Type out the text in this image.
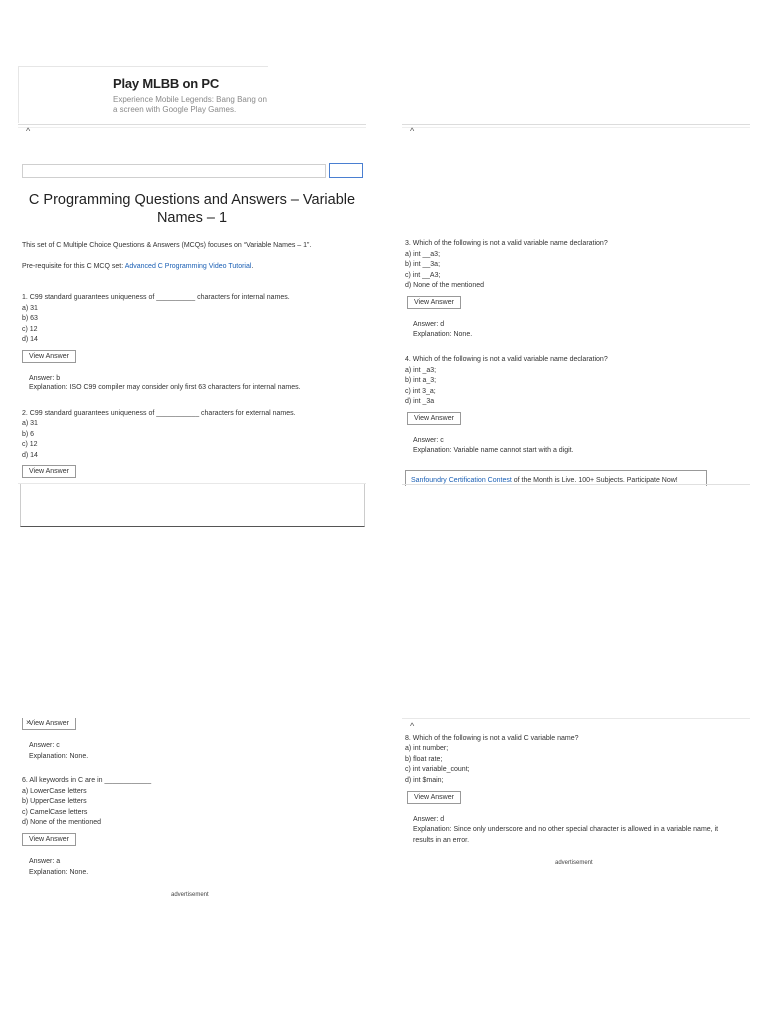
Play MLBB on PC
Experience Mobile Legends: Bang Bang on a screen with Google Play Games.
^	^
C Programming Questions and Answers – Variable Names – 1
This set of C Multiple Choice Questions & Answers (MCQs) focuses on “Variable Names – 1”.
Pre-requisite for this C MCQ set: Advanced C Programming Video Tutorial.
1. C99 standard guarantees uniqueness of __________ characters for internal names.
a) 31
b) 63
c) 12
d) 14
View Answer
Answer: b
Explanation: ISO C99 compiler may consider only first 63 characters for internal names.
2. C99 standard guarantees uniqueness of ___________ characters for external names.
a) 31
b) 6
c) 12
d) 14
View Answer
3. Which of the following is not a valid variable name declaration?
a) int __a3;
b) int __3a;
c) int __A3;
d) None of the mentioned
View Answer
Answer: d
Explanation: None.
4. Which of the following is not a valid variable name declaration?
a) int _a3;
b) int a_3;
c) int 3_a;
d) int _3a
View Answer
Answer: c
Explanation: Variable name cannot start with a digit.
Sanfoundry Certification Contest of the Month is Live. 100+ Subjects. Participate Now!
View Answer
×
Answer: c
Explanation: None.
6. All keywords in C are in ____________
a) LowerCase letters
b) UpperCase letters
c) CamelCase letters
d) None of the mentioned
View Answer
Answer: a
Explanation: None.
advertisement
^
8. Which of the following is not a valid C variable name?
a) int number;
b) float rate;
c) int variable_count;
d) int $main;
View Answer
Answer: d
Explanation: Since only underscore and no other special character is allowed in a variable name, it
results in an error.
advertisement
